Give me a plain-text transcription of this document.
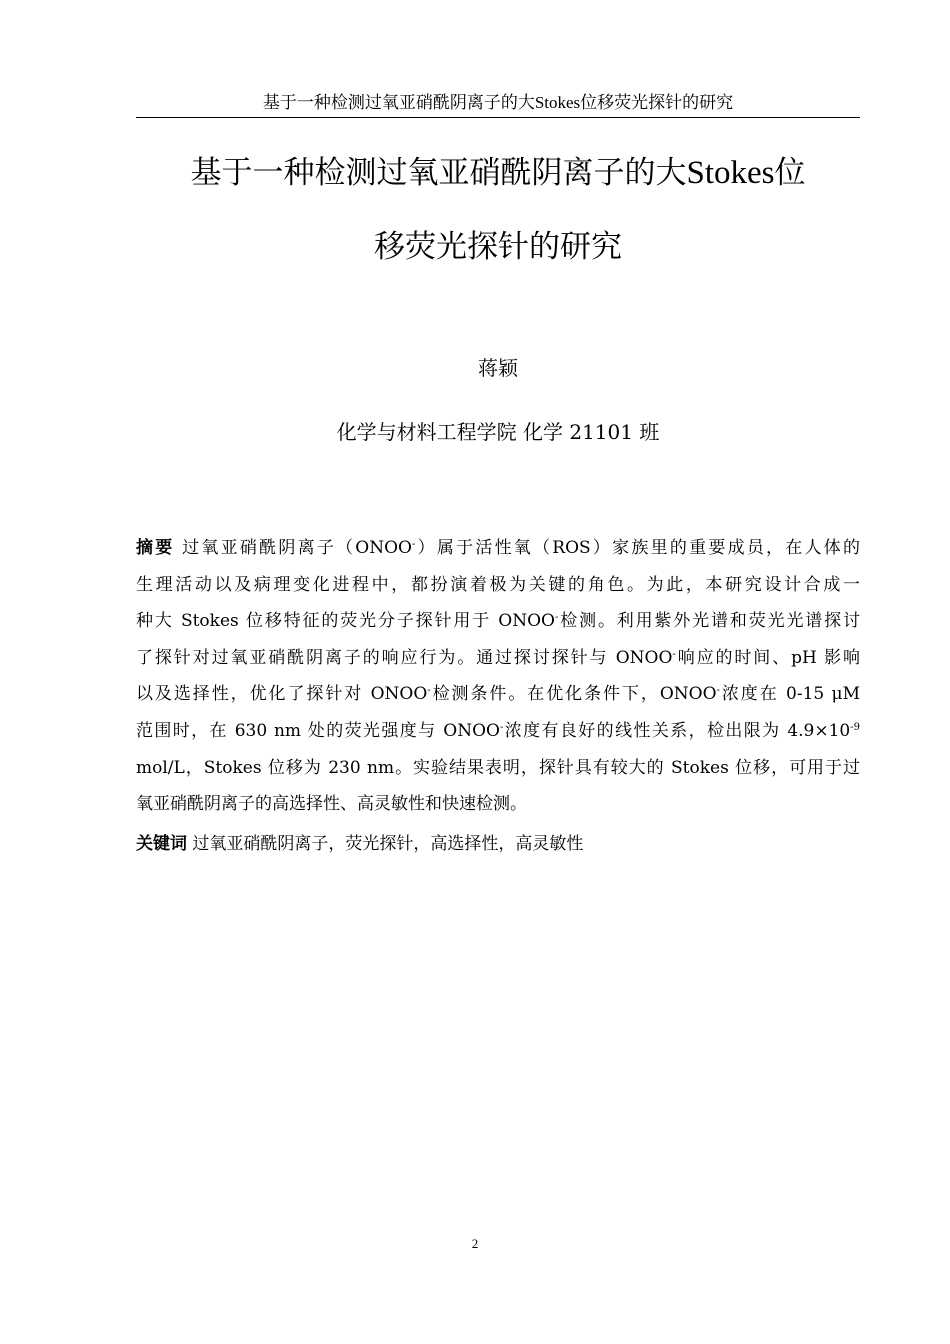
基于一种检测过氧亚硝酰阴离子的大Stokes位移荧光探针的研究
基于一种检测过氧亚硝酰阴离子的大Stokes位
移荧光探针的研究
蒋颖
化学与材料工程学院 化学 21101 班
摘要 过氧亚硝酰阴离子（ONOO-）属于活性氧（ROS）家族里的重要成员，在人体的
生理活动以及病理变化进程中，都扮演着极为关键的角色。为此，本研究设计合成一
种大 Stokes 位移特征的荧光分子探针用于 ONOO-检测。利用紫外光谱和荧光光谱探讨
了探针对过氧亚硝酰阴离子的响应行为。通过探讨探针与 ONOO-响应的时间、pH 影响
以及选择性，优化了探针对 ONOO-检测条件。在优化条件下，ONOO-浓度在 0-15 μM
范围时，在 630 nm 处的荧光强度与 ONOO-浓度有良好的线性关系，检出限为 $4.9\times 10^{-9}$
mol/L，Stokes 位移为 230 nm。实验结果表明，探针具有较大的 Stokes 位移，可用于过
氧亚硝酰阴离子的高选择性、高灵敏性和快速检测。
关键词 过氧亚硝酰阴离子，荧光探针，高选择性，高灵敏性
2
